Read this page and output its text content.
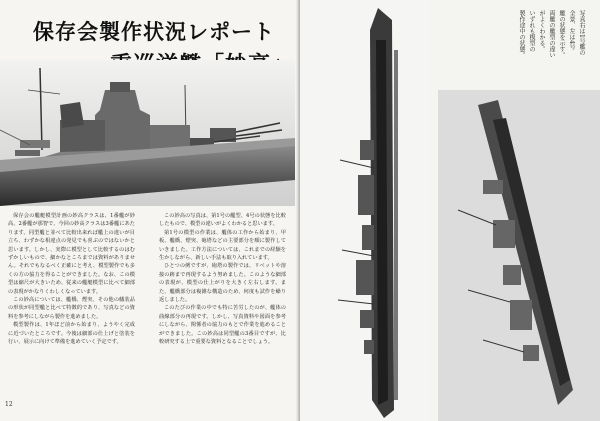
保存会製作状況レポート

保存会の艦艇模型計画の妙高クラスは、1番艦が妙高、2番艦が那智で、今回の妙高クラスは3番艦にあたります。同型艦と並べて比較出来れば艦上の違いが目立ち、わずかな相違点の発見でも喜ぶのではないかと思います。しかし、実際に模型として比較するのはむずかしいもので、細かなところまでは資料がありません。それでもなるべく正確にと考え、模型製作でも多くの方の協力を得ることができました。なお、この模型は縮尺が大きいため、従来の艦艇模型に比べて細部の表現がかなりくわしくなっています。

この妙高については、艦橋、煙突、その他の艤装品の形状が同型艦と比べて特徴的であり、写真などの資料を参考にしながら製作を進めました。

模型製作は、1年ほど前から始まり、ようやく完成に近づいたところです。今後は細部の仕上げと塗装を行い、展示に向けて準備を進めていく予定です。

この妙高の写真は、第1号の艦型、4号の状態を比較したもので、模型の違いがよくわかると思います。

第1号の模型の作業は、艦体の工作から始まり、甲板、艦橋、煙突、砲塔などの主要部分を順に製作していきました。工作方法については、これまでの経験を生かしながら、新しい手法も取り入れています。

ひとつの例ですが、砲塔の製作では、リベットや溶接の跡まで再現するよう努めました。このような細部の表現が、模型の仕上がりを大きく左右します。また、艦橋部分は複雑な構造のため、何度も試作を繰り返しました。

このたびの作業の中でも特に苦労したのが、艦体の曲線部分の再現です。しかし、写真資料や図面を参考にしながら、関係者の協力のもとで作業を進めることができました。この妙高は同型艦の3番目ですが、比較研究する上で重要な資料となることでしょう。

12
写真右は1号艦の
全景、左は4号
艦の状態を示す。
両艦の艦型の違い
がよくわかる。
いずれも模型の
製作途中の状態。
